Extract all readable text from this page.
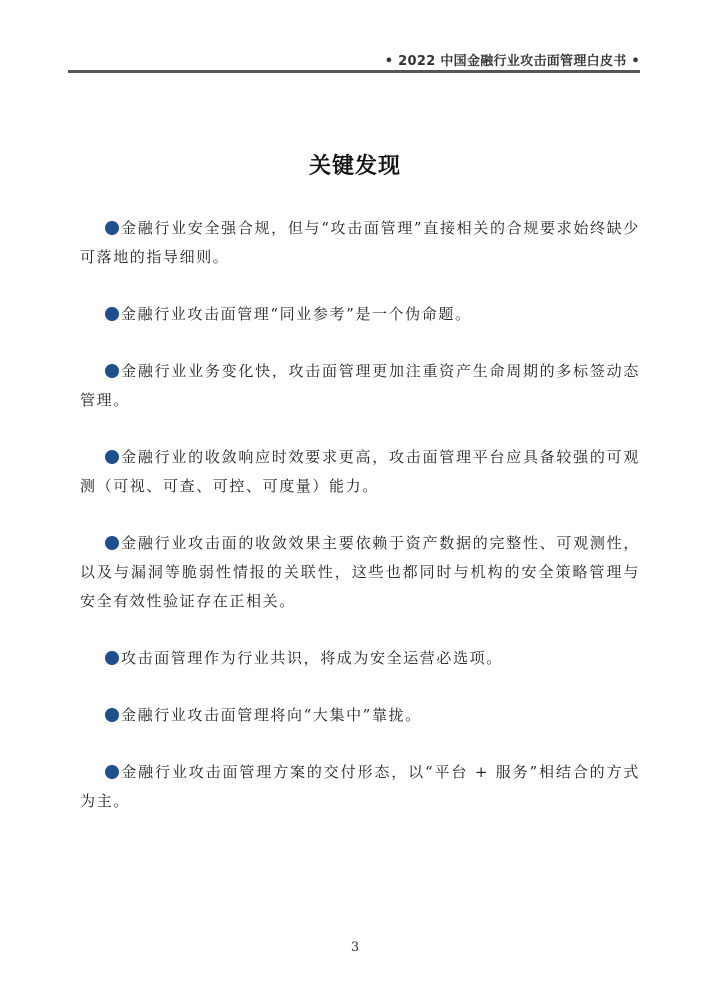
• 2022 中国金融行业攻击面管理白皮书 •
关键发现
金融行业安全强合规，但与“攻击面管理”直接相关的合规要求始终缺少可落地的指导细则。
金融行业攻击面管理“同业参考”是一个伪命题。
金融行业业务变化快，攻击面管理更加注重资产生命周期的多标签动态管理。
金融行业的收敛响应时效要求更高，攻击面管理平台应具备较强的可观测（可视、可查、可控、可度量）能力。
金融行业攻击面的收敛效果主要依赖于资产数据的完整性、可观测性，以及与漏洞等脆弱性情报的关联性，这些也都同时与机构的安全策略管理与安全有效性验证存在正相关。
攻击面管理作为行业共识，将成为安全运营必选项。
金融行业攻击面管理将向“大集中”靠拢。
金融行业攻击面管理方案的交付形态，以“平台 + 服务”相结合的方式为主。
3
